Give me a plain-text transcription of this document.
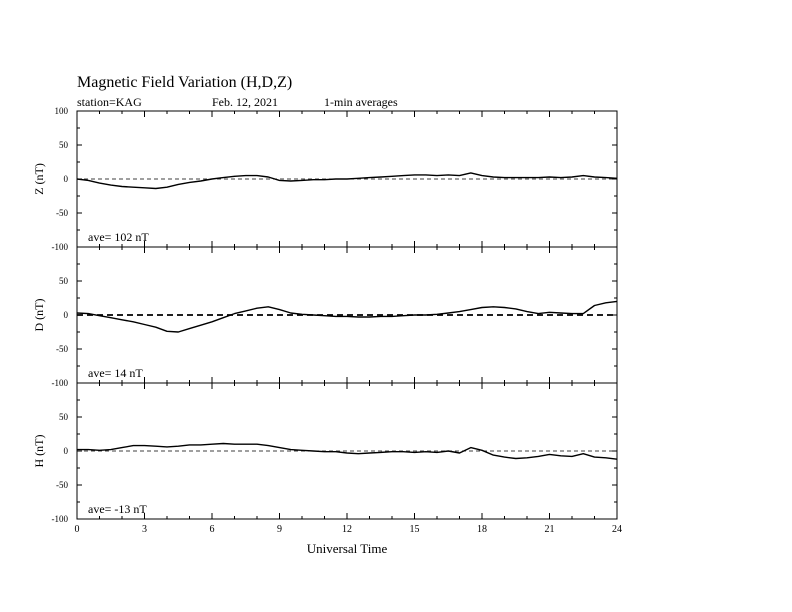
Magnetic Field Variation (H,D,Z)
station=KAG	Feb. 12, 2021	1-min averages
100
50
0
-50
-100
Z (nT)
ave= 102 nT
50
0
-50
-100
D (nT)
ave= 14 nT
50
0
-50
-100
H (nT)
ave= -13 nT
0	3	6	9	12	15	18	21	24
Universal Time
